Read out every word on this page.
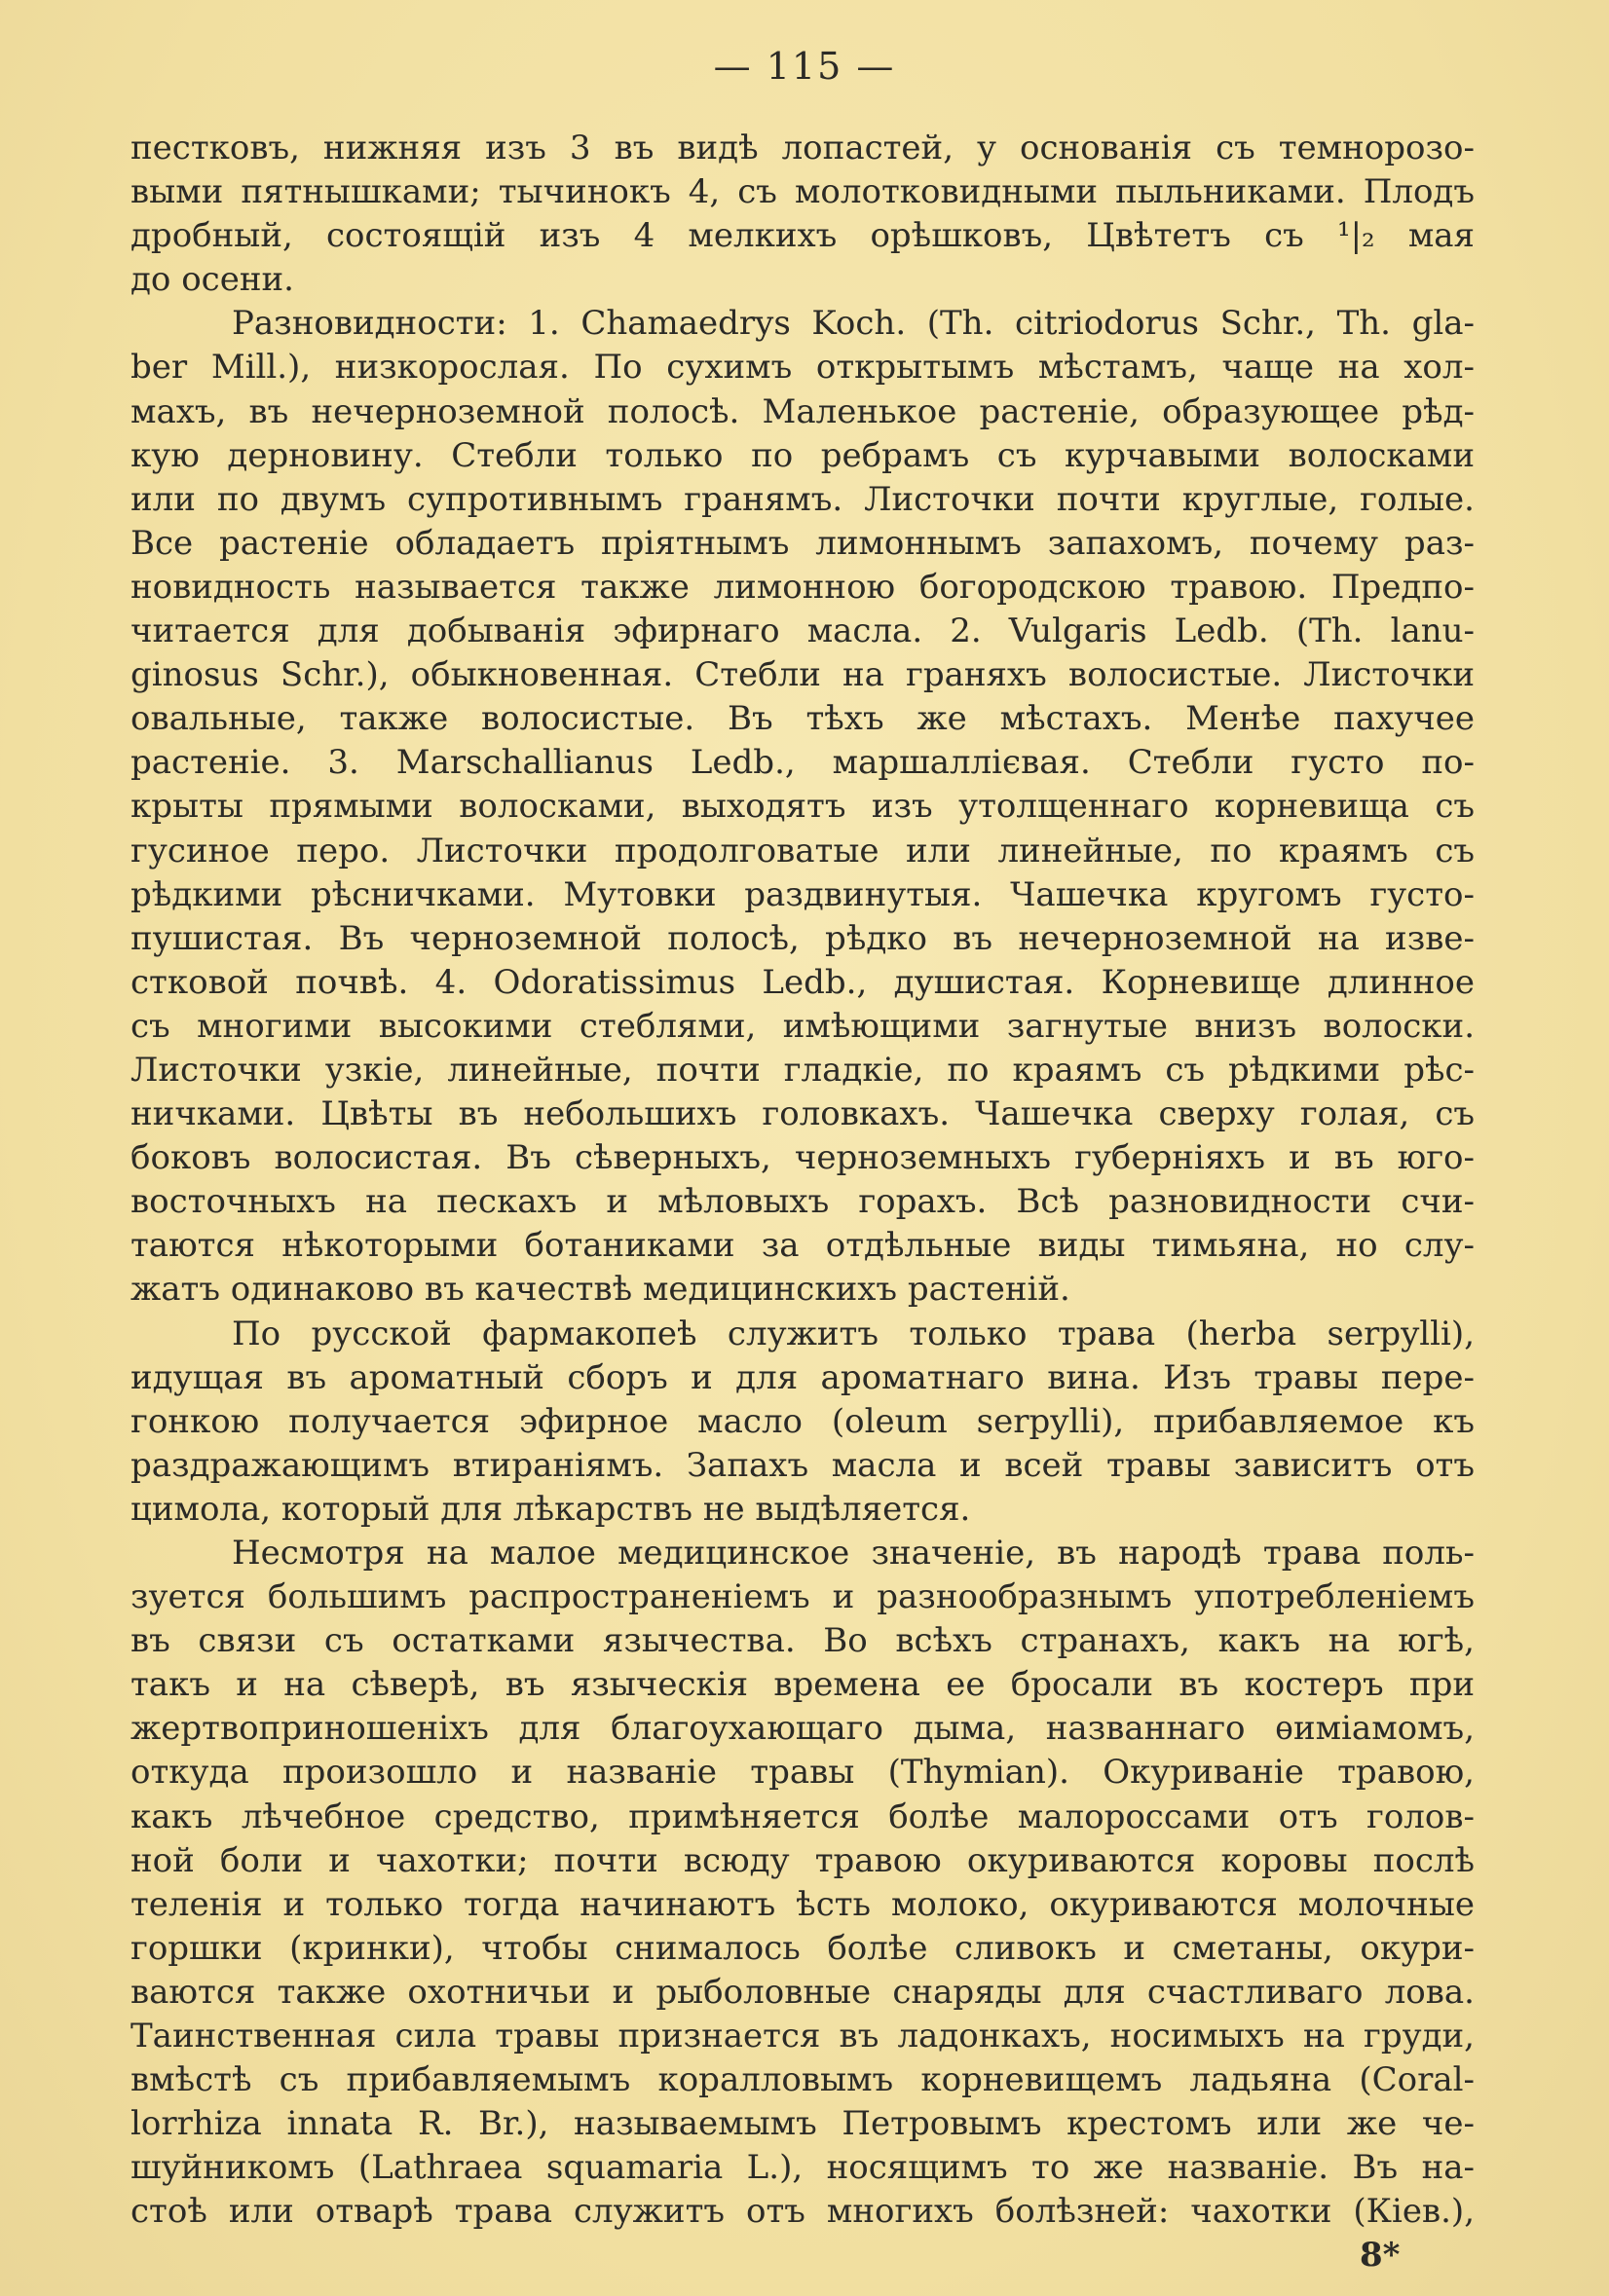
— 115 —
пестковъ, нижняя изъ 3 въ видѣ лопастей, у основанія съ темнорозо-
выми пятнышками; тычинокъ 4, съ молотковидными пыльниками. Плодъ
дробный, состоящій изъ 4 мелкихъ орѣшковъ, Цвѣтетъ съ ¹|₂ мая
до осени.
Разновидности: 1. Chamaedrys Koch. (Th. citriodorus Schr., Th. gla-
ber Mill.), низкорослая. По сухимъ открытымъ мѣстамъ, чаще на хол-
махъ, въ нечерноземной полосѣ. Маленькое растеніе, образующее рѣд-
кую дерновину. Стебли только по ребрамъ съ курчавыми волосками
или по двумъ супротивнымъ гранямъ. Листочки почти круглые, голые.
Все растеніе обладаетъ пріятнымъ лимоннымъ запахомъ, почему раз-
новидность называется также лимонною богородскою травою. Предпо-
читается для добыванія эфирнаго масла. 2. Vulgaris Ledb. (Th. lanu-
ginosus Schr.), обыкновенная. Стебли на граняхъ волосистые. Листочки
овальные, также волосистые. Въ тѣхъ же мѣстахъ. Менѣе пахучее
растеніе. 3. Marschallianus Ledb., маршаллієвая. Стебли густо по-
крыты прямыми волосками, выходятъ изъ утолщеннаго корневища съ
гусиное перо. Листочки продолговатые или линейные, по краямъ съ
рѣдкими рѣсничками. Мутовки раздвинутыя. Чашечка кругомъ густо-
пушистая. Въ черноземной полосѣ, рѣдко въ нечерноземной на изве-
стковой почвѣ. 4. Odoratissimus Ledb., душистая. Корневище длинное
съ многими высокими стеблями, имѣющими загнутые внизъ волоски.
Листочки узкіе, линейные, почти гладкіе, по краямъ съ рѣдкими рѣс-
ничками. Цвѣты въ небольшихъ головкахъ. Чашечка сверху голая, съ
боковъ волосистая. Въ сѣверныхъ, черноземныхъ губерніяхъ и въ юго-
восточныхъ на пескахъ и мѣловыхъ горахъ. Всѣ разновидности счи-
таются нѣкоторыми ботаниками за отдѣльные виды тимьяна, но слу-
жатъ одинаково въ качествѣ медицинскихъ растеній.
По русской фармакопеѣ служитъ только трава (herba serpylli),
идущая въ ароматный сборъ и для ароматнаго вина. Изъ травы пере-
гонкою получается эфирное масло (oleum serpylli), прибавляемое къ
раздражающимъ втираніямъ. Запахъ масла и всей травы зависитъ отъ
цимола, который для лѣкарствъ не выдѣляется.
Несмотря на малое медицинское значеніе, въ народѣ трава поль-
зуется большимъ распространеніемъ и разнообразнымъ употребленіемъ
въ связи съ остатками язычества. Во всѣхъ странахъ, какъ на югѣ,
такъ и на сѣверѣ, въ языческія времена ее бросали въ костеръ при
жертвоприношеніхъ для благоухающаго дыма, названнаго ѳиміамомъ,
откуда произошло и названіе травы (Thymian). Окуриваніе травою,
какъ лѣчебное средство, примѣняется болѣе малороссами отъ голов-
ной боли и чахотки; почти всюду травою окуриваются коровы послѣ
теленія и только тогда начинаютъ ѣсть молоко, окуриваются молочные
горшки (кринки), чтобы снималось болѣе сливокъ и сметаны, окури-
ваются также охотничьи и рыболовные снаряды для счастливаго лова.
Таинственная сила травы признается въ ладонкахъ, носимыхъ на груди,
вмѣстѣ съ прибавляемымъ коралловымъ корневищемъ ладьяна (Coral-
lorrhiza innata R. Br.), называемымъ Петровымъ крестомъ или же че-
шуйникомъ (Lathraea squamaria L.), носящимъ то же названіе. Въ на-
стоѣ или отварѣ трава служитъ отъ многихъ болѣзней: чахотки (Кіев.),
8*
